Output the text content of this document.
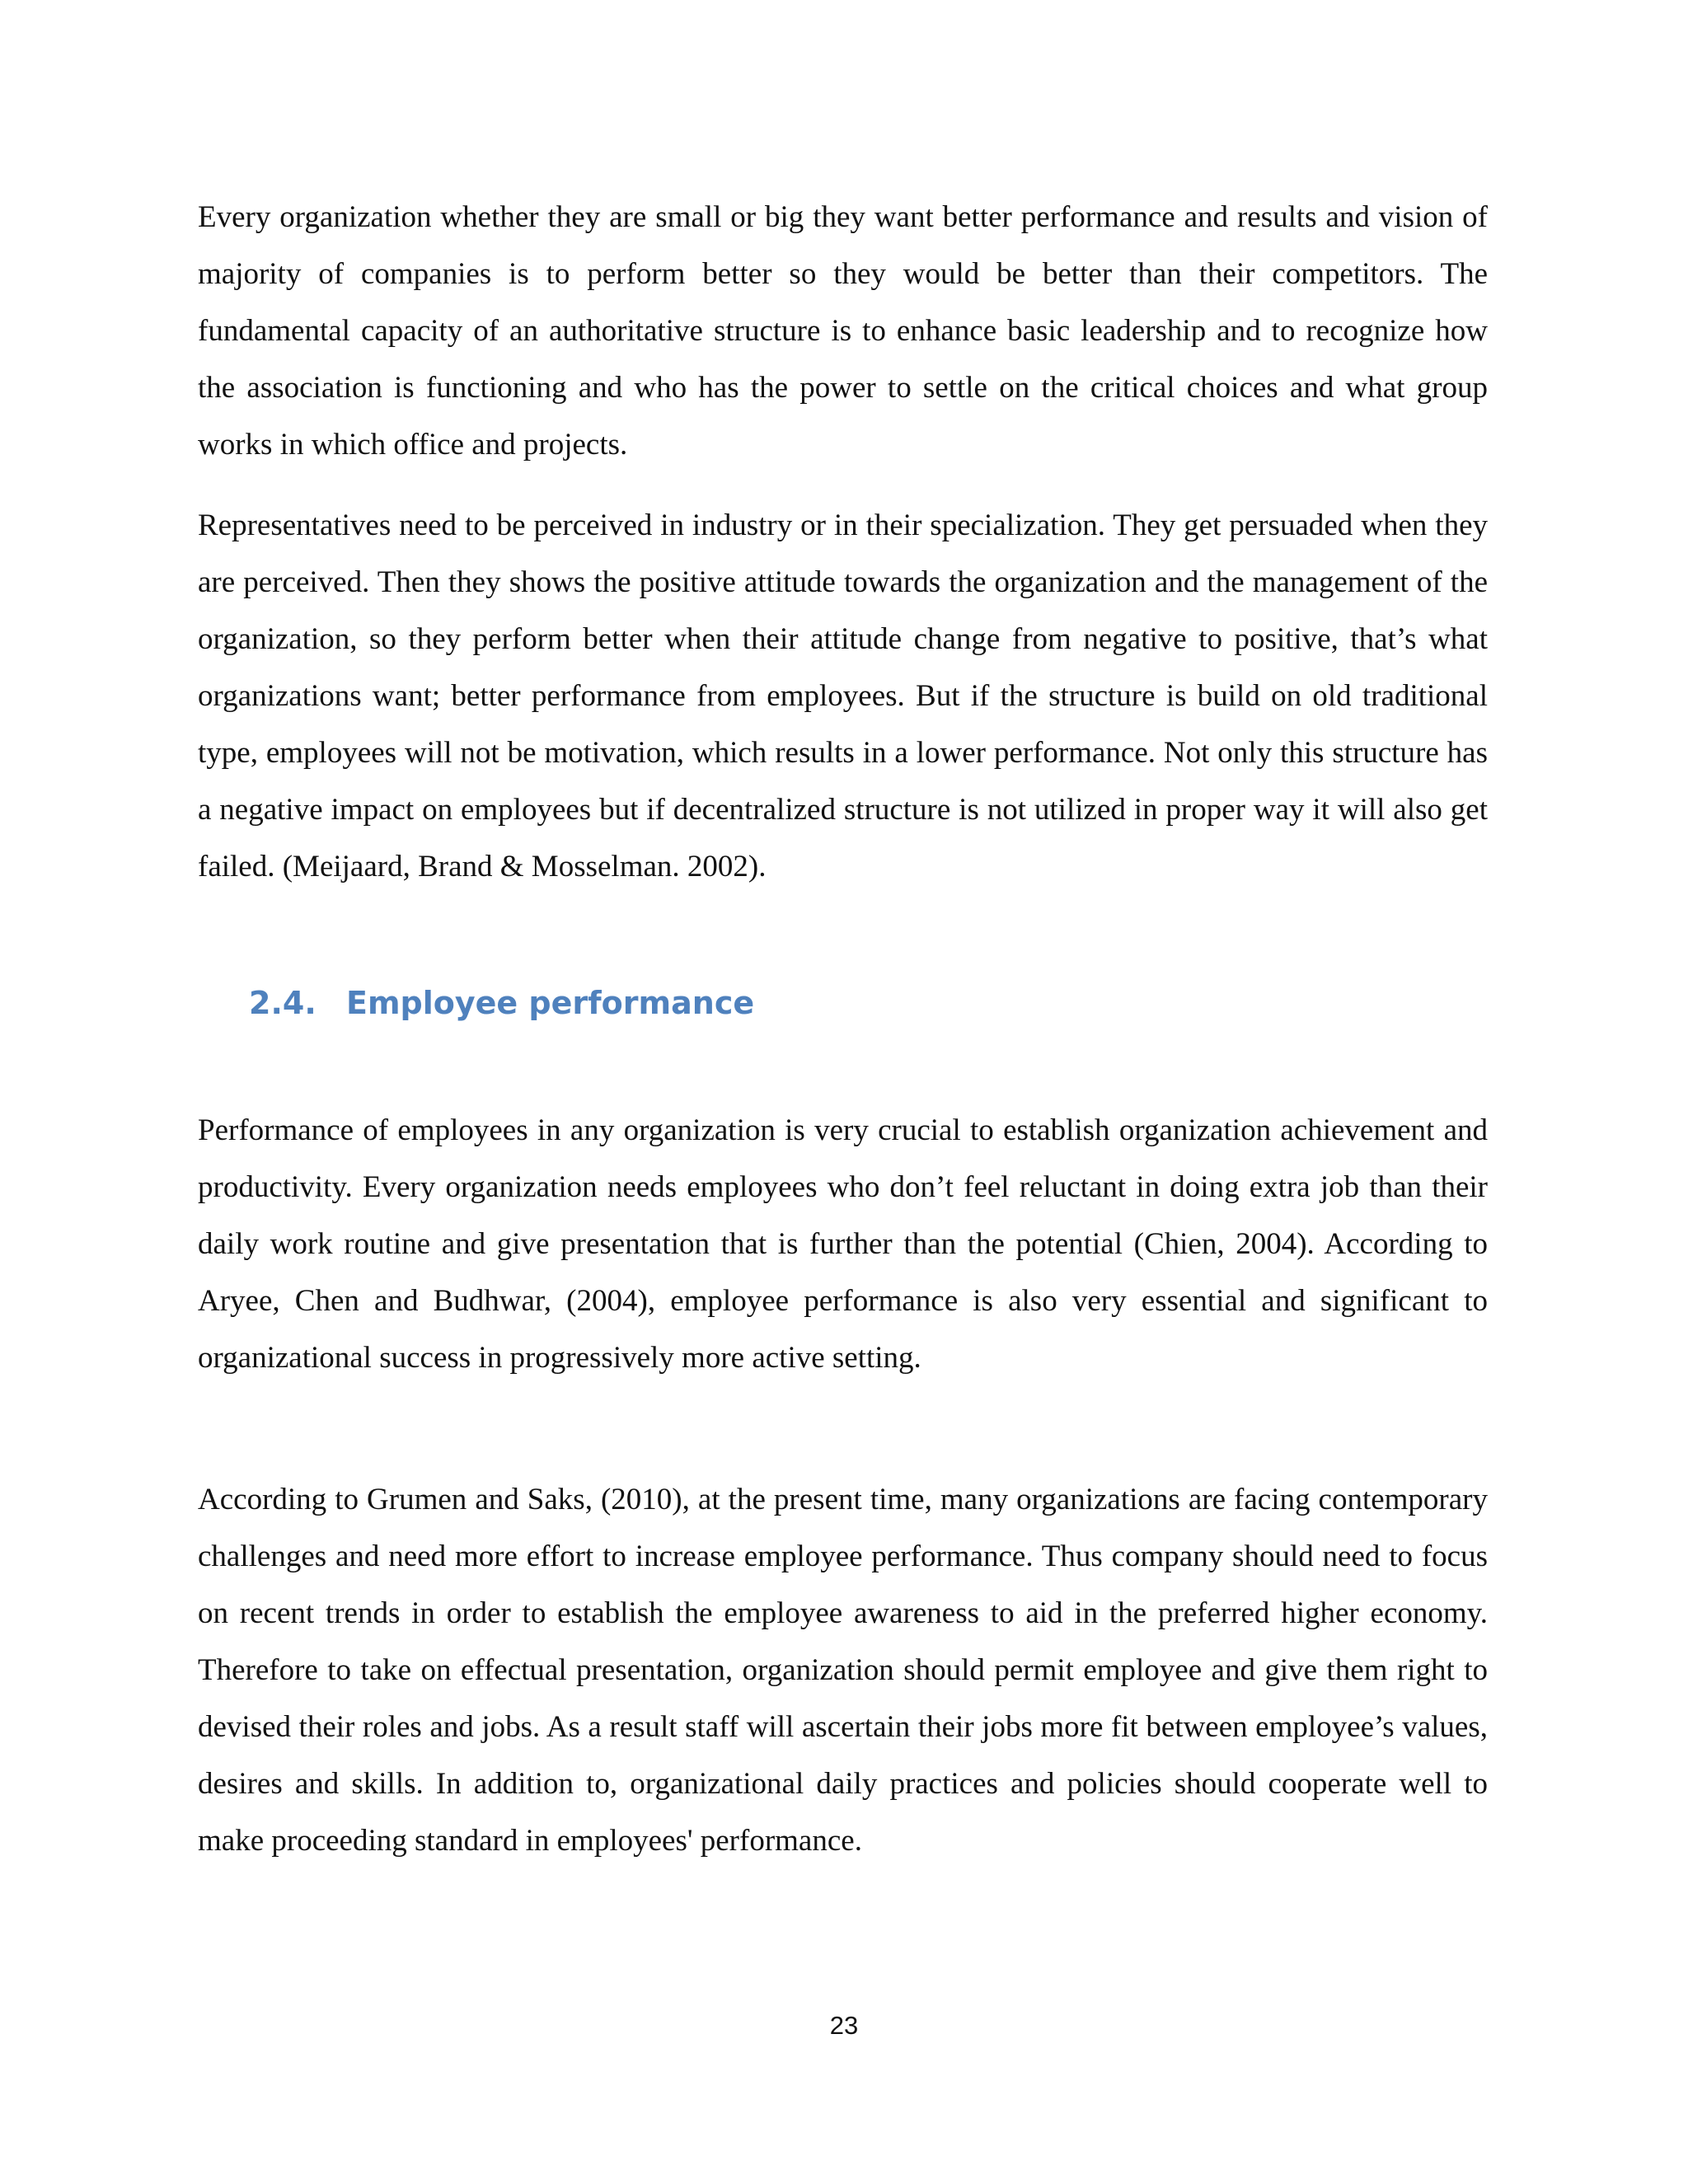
Every organization whether they are small or big they want better performance and results and vision of majority of companies is to perform better so they would be better than their competitors. The fundamental capacity of an authoritative structure is to enhance basic leadership and to recognize how the association is functioning and who has the power to settle on the critical choices and what group works in which office and projects.

Representatives need to be perceived in industry or in their specialization. They get persuaded when they are perceived. Then they shows the positive attitude towards the organization and the management of the organization, so they perform better when their attitude change from negative to positive, that’s what organizations want; better performance from employees. But if the structure is build on old traditional type, employees will not be motivation, which results in a lower performance. Not only this structure has a negative impact on employees but if decentralized structure is not utilized in proper way it will also get failed. (Meijaard, Brand & Mosselman. 2002).

2.4. Employee performance

Performance of employees in any organization is very crucial to establish organization achievement and productivity. Every organization needs employees who don’t feel reluctant in doing extra job than their daily work routine and give presentation that is further than the potential (Chien, 2004). According to Aryee, Chen and Budhwar, (2004), employee performance is also very essential and significant to organizational success in progressively more active setting.

According to Grumen and Saks, (2010), at the present time, many organizations are facing contemporary challenges and need more effort to increase employee performance. Thus company should need to focus on recent trends in order to establish the employee awareness to aid in the preferred higher economy. Therefore to take on effectual presentation, organization should permit employee and give them right to devised their roles and jobs. As a result staff will ascertain their jobs more fit between employee’s values, desires and skills. In addition to, organizational daily practices and policies should cooperate well to make proceeding standard in employees' performance.

23
